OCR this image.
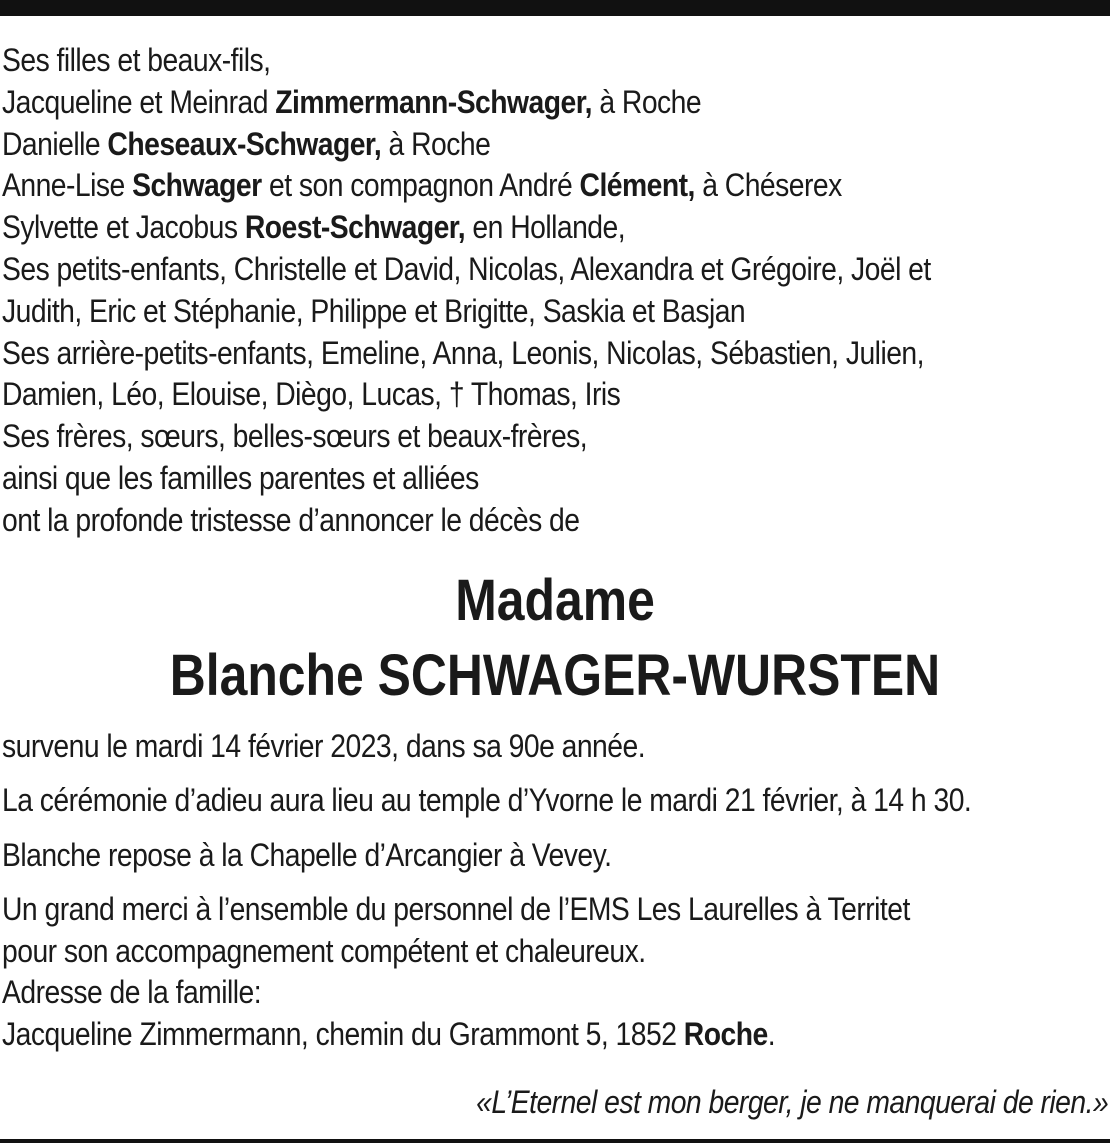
Ses filles et beaux-fils,
Jacqueline et Meinrad Zimmermann-Schwager, à Roche
Danielle Cheseaux-Schwager, à Roche
Anne-Lise Schwager et son compagnon André Clément, à Chéserex
Sylvette et Jacobus Roest-Schwager, en Hollande,
Ses petits-enfants, Christelle et David, Nicolas, Alexandra et Grégoire, Joël et
Judith, Eric et Stéphanie, Philippe et Brigitte, Saskia et Basjan
Ses arrière-petits-enfants, Emeline, Anna, Leonis, Nicolas, Sébastien, Julien,
Damien, Léo, Elouise, Diègo, Lucas, † Thomas, Iris
Ses frères, sœurs, belles-sœurs et beaux-frères,
ainsi que les familles parentes et alliées
ont la profonde tristesse d’annoncer le décès de
Madame
Blanche SCHWAGER-WURSTEN
survenu le mardi 14 février 2023, dans sa 90e année.
La cérémonie d’adieu aura lieu au temple d’Yvorne le mardi 21 février, à 14 h 30.
Blanche repose à la Chapelle d’Arcangier à Vevey.
Un grand merci à l’ensemble du personnel de l’EMS Les Laurelles à Territet
pour son accompagnement compétent et chaleureux.
Adresse de la famille:
Jacqueline Zimmermann, chemin du Grammont 5, 1852 Roche.
«L’Eternel est mon berger, je ne manquerai de rien.»
